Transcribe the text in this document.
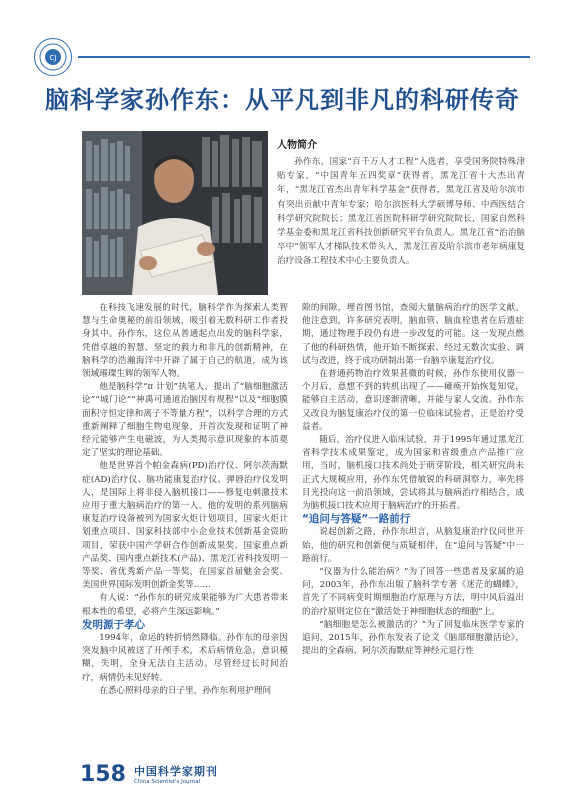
CJ
脑科学家孙作东：从平凡到非凡的科研传奇
人物简介

孙作东，国家“百千万人才工程”入选者，享受国务院特殊津贴专家，“中国青年五四奖章”获得者，黑龙江省十大杰出青年，“黑龙江省杰出青年科学基金”获得者，黑龙江省及哈尔滨市有突出贡献中青年专家；哈尔滨医科大学硕博导师、中西医结合科学研究院院长；黑龙江省医院科研学研究院院长，国家自然科学基金委和黑龙江省科技创新研究平台负责人。黑龙江省“治治脑卒中”领军人才梯队技术带头人，黑龙江省及哈尔滨市老年病康复治疗设备工程技术中心主要负责人。

在科技飞速发展的时代，脑科学作为探索人类智慧与生命奥秘的前沿领域，吸引着无数科研工作者投身其中。孙作东，这位从普通起点出发的脑科学家，凭借卓越的智慧、坚定的毅力和非凡的创新精神，在脑科学的浩瀚海洋中开辟了属于自己的航道，成为该领域璀璨生辉的领军人物。

他是脑科学“π 计划”执笔人，提出了“脑细胞激活论”“城门论”“神禹可通道治脑因有规程”以及“细胞膜面积守恒定律和离子不等量方程”，以科学合理的方式重新阐释了细胞生物电现象，开首次发现和证明了神经元能够产生电磁波，为人类揭示意识现象的本质奠定了坚实的理论基础。

他是世界首个帕金森病(PD)治疗仪、阿尔茨海默症(AD)治疗仪、脑功能康复治疗仪、弹唇治疗仪发明人，是国际上将非侵入脑机接口——修复电刺激技术应用于重大脑病治疗的第一人。他的发明的系列脑病康复治疗设备被列为国家火炬计划项目，国家火炬计划重点项目、国家科技部中小企业技术创新基金资助项目，荣获中国产学研合作创新成果奖、国家重点新产品奖、国内重点新技术(产品)、黑龙江省科技发明一等奖、省优秀新产品一等奖，在国家首届魅金会奖、美国世界国际发明创新金奖等……

有人说：“孙作东的研究成果能够为广大患者带来根本性的希望，必将产生深远影响。”

发明源于孝心

1994年，命运的转折悄然降临。孙作东的母亲因突发脑中风被送了开颅手术，术后病情危急，意识模糊，失明，全身无法自主活动。尽管经过长时间治疗，病情仍未见好转。

在悉心照料母亲的日子里，孙作东利用护理间

隙的间隙，埋首图书馆，查阅大量脑病治疗的医学文献。他注意到，许多研究表明，脑血管、脑血栓患者在后遗症期，通过物理手段仍有进一步改复的可能。这一发现点燃了他的科研热情，他开始不断探索、经过无数次实验、调试与改进，终于成功研制出第一台脑卒康复治疗仪。

在普通药物治疗效果甚微的时候，孙作东使用仪器一个月后，意想不到的转机出现了——瘫痪开始恢复知觉，能够自主活动，意识逐渐清晰，并能与家人交流。孙作东又改良为脑复康治疗仪的第一位临床试验者，正是治疗受益者。

随后，治疗仪进入临床试验，并于1995年通过黑龙江省科学技术成果鉴定，成为国家和省级重点产品推广应用，当时，脑机接口技术尚处于萌芽阶段，相关研究尚未正式大规模应用，孙作东凭借敏锐的科研洞察力，率先将目光投向这一前沿领域，尝试将其与脑病治疗相结合，成为脑机接口技术应用于脑病治疗的开拓者。

“追问与答疑”一路前行

说起创新之路，孙作东坦言，从脑复康治疗仪问世开始，他的研究和创新便与质疑相伴，在“追问与答疑”中一路前行。

“仪器为什么能治病？”为了回答一些患者及家属的追问，2003年，孙作东出版了脑科学专著《迷茫的蝴蝶》，首先了不同病变时期细胞治疗原理与方法，明中风后溢出的治疗原则定位在“激活处于神细胞状态的细胞”上。

“脑细胞是怎么被激活的？”为了回复临床医学专家的追问，2015年，孙作东发表了论文《脑部细胞激活论》，提出的全森病、阿尔茨海默症等神经元退行性

158 中国科学家期刊
China Scientist's Journal
